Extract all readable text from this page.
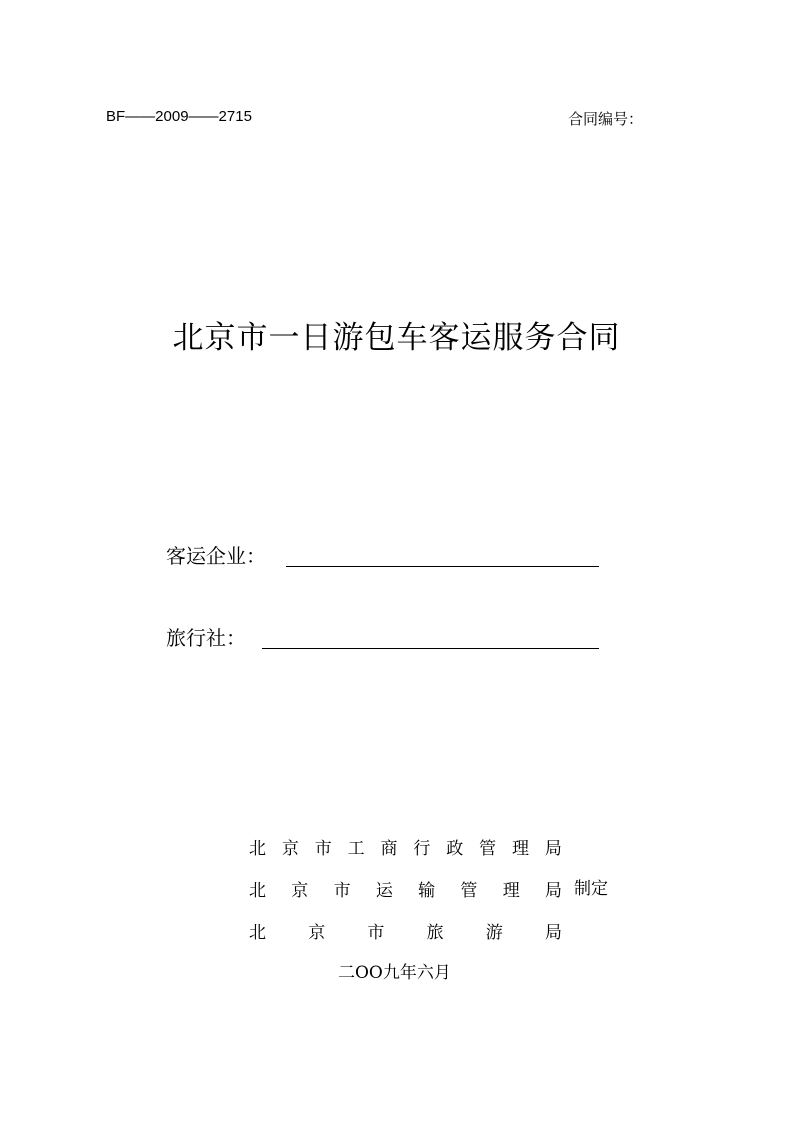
BF——2009——2715	合同编号：
北京市一日游包车客运服务合同
客运企业：
旅行社：
北 京 市 工 商 行 政 管 理 局
北 京 市 运 输 管 理 局 制定
北 京 市 旅 游 局
二OO九年六月
